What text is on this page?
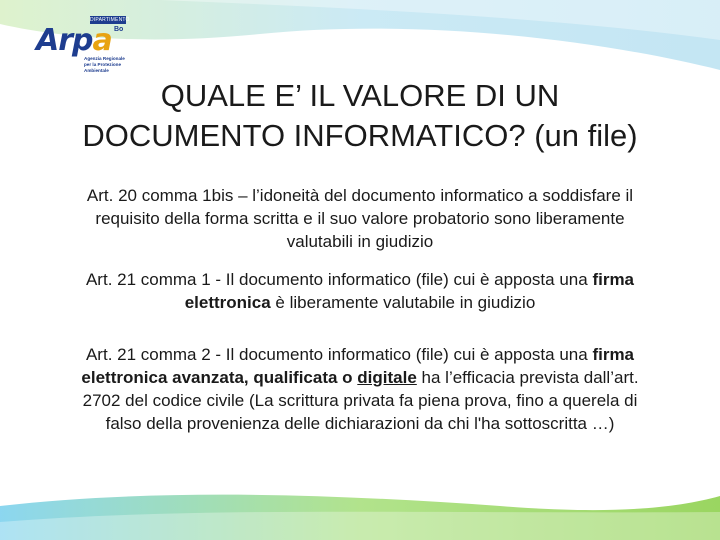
DIPARTIMENTO
Arpa Bo
Agenzia Regionale
per la Protezione Ambientale
QUALE E’ IL VALORE DI UN
DOCUMENTO INFORMATICO? (un file)

Art. 20 comma 1bis – l’idoneità del documento informatico a soddisfare il requisito della forma scritta e il suo valore probatorio sono liberamente valutabili in giudizio

Art. 21 comma 1 - Il documento informatico (file) cui è apposta una firma elettronica è liberamente valutabile in giudizio

Art. 21 comma 2 - Il documento informatico (file) cui è apposta una firma elettronica avanzata, qualificata o digitale ha l’efficacia prevista dall’art. 2702 del codice civile (La scrittura privata fa piena prova, fino a querela di falso della provenienza delle dichiarazioni da chi l'ha sottoscritta …)
